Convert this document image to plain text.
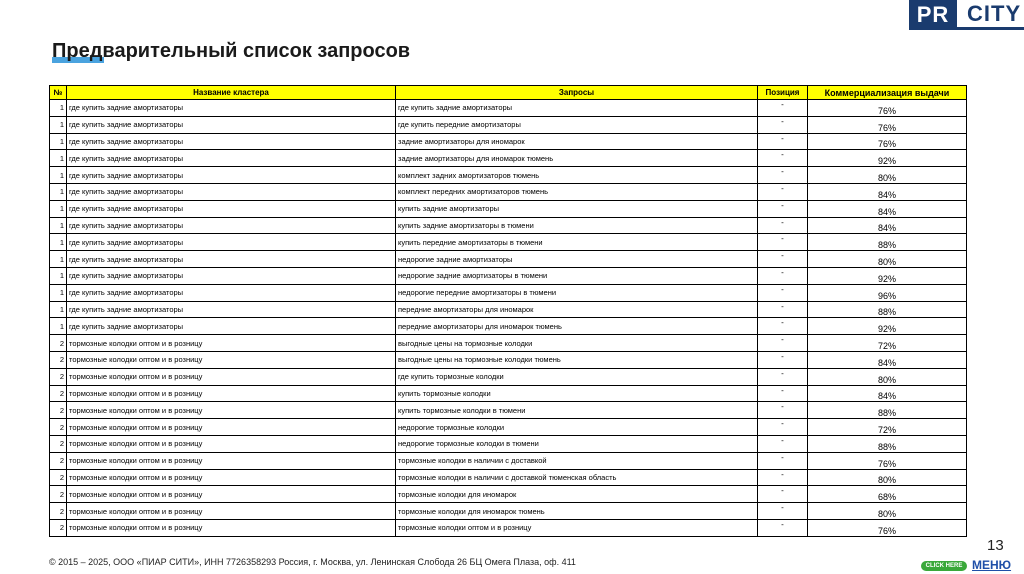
PR CITY
Предварительный список запросов
№	Название кластера	Запросы	Позиция	Коммерциализация выдачи
1	где купить задние амортизаторы	где купить задние амортизаторы	-	76%
1	где купить задние амортизаторы	где купить передние амортизаторы	-	76%
1	где купить задние амортизаторы	задние амортизаторы для иномарок	-	76%
1	где купить задние амортизаторы	задние амортизаторы для иномарок тюмень	-	92%
1	где купить задние амортизаторы	комплект задних амортизаторов тюмень	-	80%
1	где купить задние амортизаторы	комплект передних амортизаторов тюмень	-	84%
1	где купить задние амортизаторы	купить задние амортизаторы	-	84%
1	где купить задние амортизаторы	купить задние амортизаторы в тюмени	-	84%
1	где купить задние амортизаторы	купить передние амортизаторы в тюмени	-	88%
1	где купить задние амортизаторы	недорогие задние амортизаторы	-	80%
1	где купить задние амортизаторы	недорогие задние амортизаторы в тюмени	-	92%
1	где купить задние амортизаторы	недорогие передние амортизаторы в тюмени	-	96%
1	где купить задние амортизаторы	передние амортизаторы для иномарок	-	88%
1	где купить задние амортизаторы	передние амортизаторы для иномарок тюмень	-	92%
2	тормозные колодки оптом и в розницу	выгодные цены на тормозные колодки	-	72%
2	тормозные колодки оптом и в розницу	выгодные цены на тормозные колодки тюмень	-	84%
2	тормозные колодки оптом и в розницу	где купить тормозные колодки	-	80%
2	тормозные колодки оптом и в розницу	купить тормозные колодки	-	84%
2	тормозные колодки оптом и в розницу	купить тормозные колодки в тюмени	-	88%
2	тормозные колодки оптом и в розницу	недорогие тормозные колодки	-	72%
2	тормозные колодки оптом и в розницу	недорогие тормозные колодки в тюмени	-	88%
2	тормозные колодки оптом и в розницу	тормозные колодки в наличии с доставкой	-	76%
2	тормозные колодки оптом и в розницу	тормозные колодки в наличии с доставкой тюменская область	-	80%
2	тормозные колодки оптом и в розницу	тормозные колодки для иномарок	-	68%
2	тормозные колодки оптом и в розницу	тормозные колодки для иномарок тюмень	-	80%
2	тормозные колодки оптом и в розницу	тормозные колодки оптом и в розницу	-	76%
© 2015 – 2025, ООО «ПИАР СИТИ», ИНН 7726358293 Россия, г. Москва, ул. Ленинская Слобода 26 БЦ Омега Плаза, оф. 411
13
CLICK HERE МЕНЮ
